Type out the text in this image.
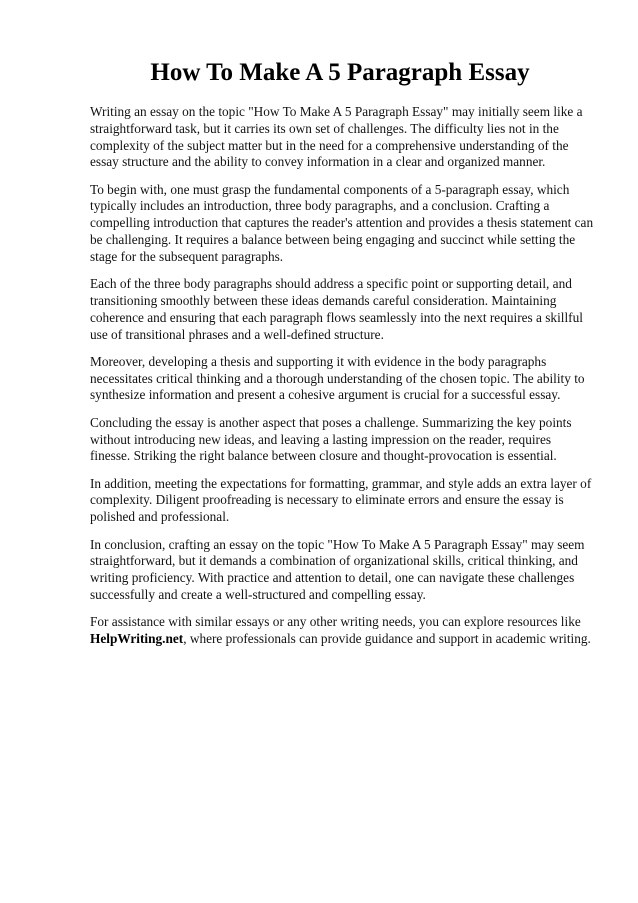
How To Make A 5 Paragraph Essay

Writing an essay on the topic "How To Make A 5 Paragraph Essay" may initially seem like a straightforward task, but it carries its own set of challenges. The difficulty lies not in the complexity of the subject matter but in the need for a comprehensive understanding of the essay structure and the ability to convey information in a clear and organized manner.

To begin with, one must grasp the fundamental components of a 5-paragraph essay, which typically includes an introduction, three body paragraphs, and a conclusion. Crafting a compelling introduction that captures the reader's attention and provides a thesis statement can be challenging. It requires a balance between being engaging and succinct while setting the stage for the subsequent paragraphs.

Each of the three body paragraphs should address a specific point or supporting detail, and transitioning smoothly between these ideas demands careful consideration. Maintaining coherence and ensuring that each paragraph flows seamlessly into the next requires a skillful use of transitional phrases and a well-defined structure.

Moreover, developing a thesis and supporting it with evidence in the body paragraphs necessitates critical thinking and a thorough understanding of the chosen topic. The ability to synthesize information and present a cohesive argument is crucial for a successful essay.

Concluding the essay is another aspect that poses a challenge. Summarizing the key points without introducing new ideas, and leaving a lasting impression on the reader, requires finesse. Striking the right balance between closure and thought-provocation is essential.

In addition, meeting the expectations for formatting, grammar, and style adds an extra layer of complexity. Diligent proofreading is necessary to eliminate errors and ensure the essay is polished and professional.

In conclusion, crafting an essay on the topic "How To Make A 5 Paragraph Essay" may seem straightforward, but it demands a combination of organizational skills, critical thinking, and writing proficiency. With practice and attention to detail, one can navigate these challenges successfully and create a well-structured and compelling essay.

For assistance with similar essays or any other writing needs, you can explore resources like HelpWriting.net, where professionals can provide guidance and support in academic writing.
